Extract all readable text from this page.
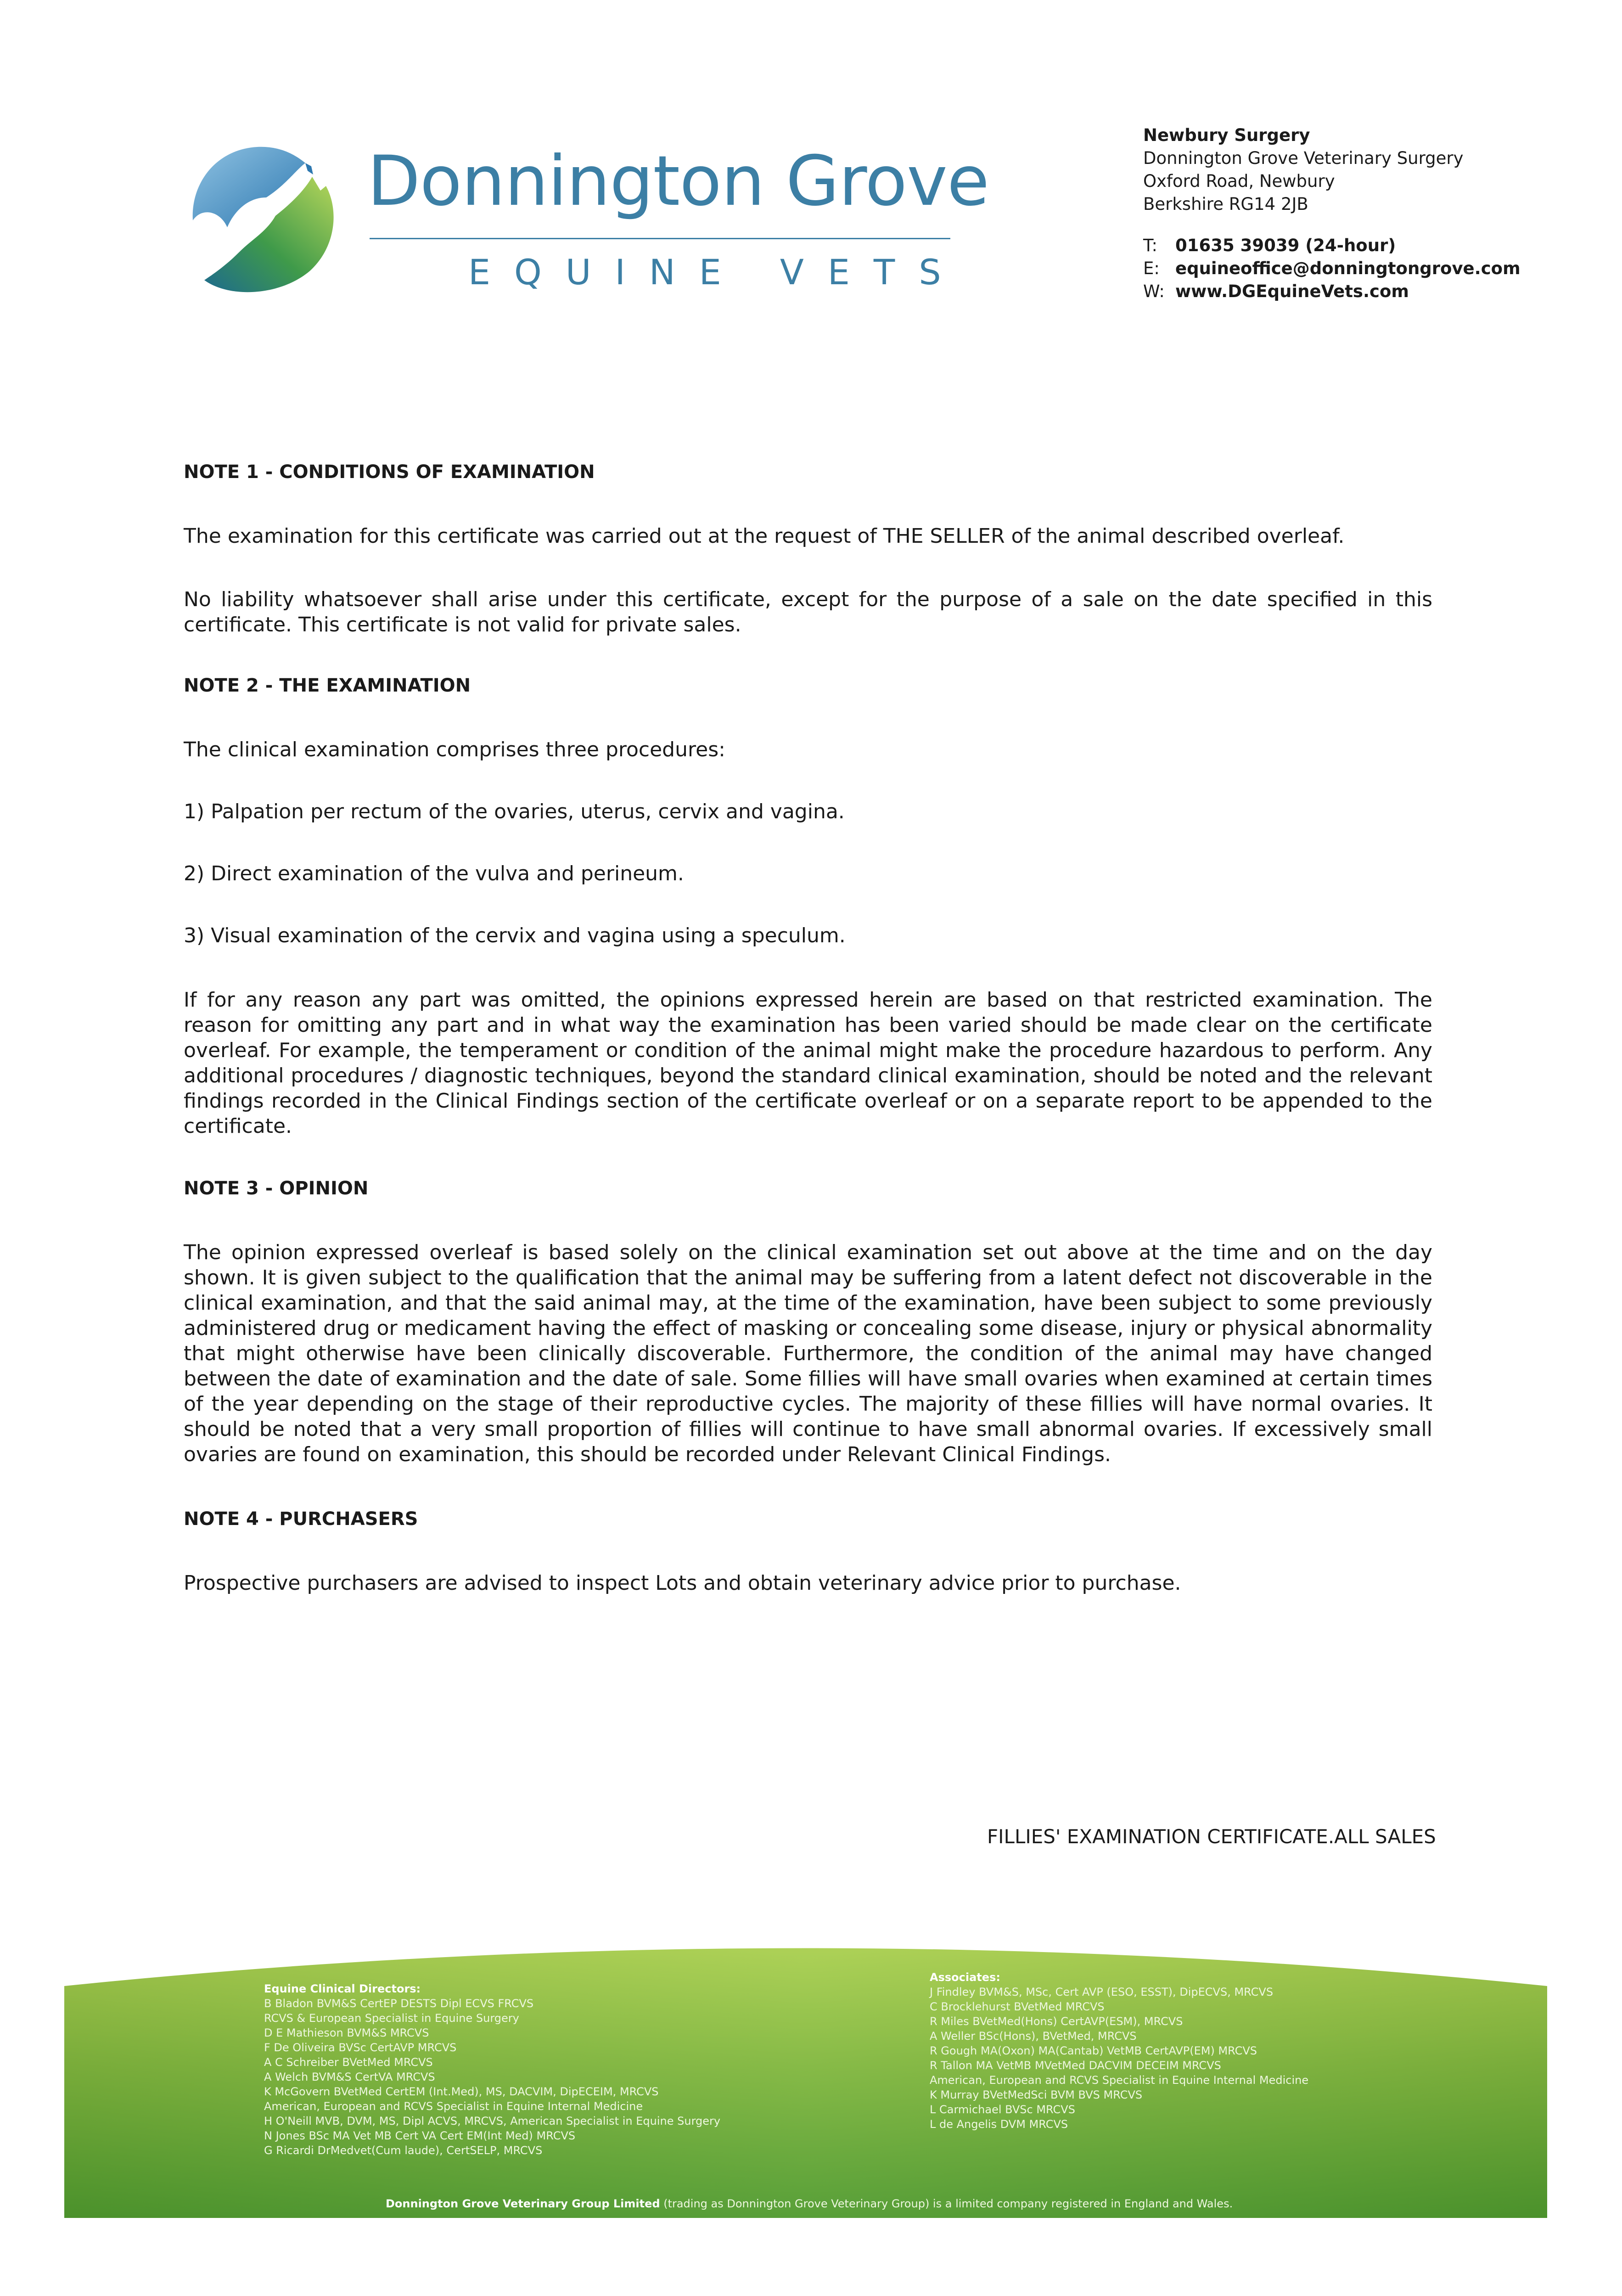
Donnington Grove
EQUINE VETS
Newbury Surgery
Donnington Grove Veterinary Surgery
Oxford Road, Newbury
Berkshire RG14 2JB
T: 01635 39039 (24-hour)
E: equineoffice@donningtongrove.com
W: www.DGEquineVets.com
NOTE 1 - CONDITIONS OF EXAMINATION
The examination for this certificate was carried out at the request of THE SELLER of the animal described overleaf.
No liability whatsoever shall arise under this certificate, except for the purpose of a sale on the date specified in this certificate. This certificate is not valid for private sales.
NOTE 2 - THE EXAMINATION
The clinical examination comprises three procedures:
1) Palpation per rectum of the ovaries, uterus, cervix and vagina.
2) Direct examination of the vulva and perineum.
3) Visual examination of the cervix and vagina using a speculum.
If for any reason any part was omitted, the opinions expressed herein are based on that restricted examination. The reason for omitting any part and in what way the examination has been varied should be made clear on the certificate overleaf. For example, the temperament or condition of the animal might make the procedure hazardous to perform. Any additional procedures / diagnostic techniques, beyond the standard clinical examination, should be noted and the relevant findings recorded in the Clinical Findings section of the certificate overleaf or on a separate report to be appended to the certificate.
NOTE 3 - OPINION
The opinion expressed overleaf is based solely on the clinical examination set out above at the time and on the day shown. It is given subject to the qualification that the animal may be suffering from a latent defect not discoverable in the clinical examination, and that the said animal may, at the time of the examination, have been subject to some previously administered drug or medicament having the effect of masking or concealing some disease, injury or physical abnormality that might otherwise have been clinically discoverable. Furthermore, the condition of the animal may have changed between the date of examination and the date of sale. Some fillies will have small ovaries when examined at certain times of the year depending on the stage of their reproductive cycles. The majority of these fillies will have normal ovaries. It should be noted that a very small proportion of fillies will continue to have small abnormal ovaries. If excessively small ovaries are found on examination, this should be recorded under Relevant Clinical Findings.
NOTE 4 - PURCHASERS
Prospective purchasers are advised to inspect Lots and obtain veterinary advice prior to purchase.
FILLIES' EXAMINATION CERTIFICATE.ALL SALES
Equine Clinical Directors:
B Bladon BVM&S CertEP DESTS Dipl ECVS FRCVS
RCVS & European Specialist in Equine Surgery
D E Mathieson BVM&S MRCVS
F De Oliveira BVSc CertAVP MRCVS
A C Schreiber BVetMed MRCVS
A Welch BVM&S CertVA MRCVS
K McGovern BVetMed CertEM (Int.Med), MS, DACVIM, DipECEIM, MRCVS
American, European and RCVS Specialist in Equine Internal Medicine
H O'Neill MVB, DVM, MS, Dipl ACVS, MRCVS, American Specialist in Equine Surgery
N Jones BSc MA Vet MB Cert VA Cert EM(Int Med) MRCVS
G Ricardi DrMedvet(Cum laude), CertSELP, MRCVS
Associates:
J Findley BVM&S, MSc, Cert AVP (ESO, ESST), DipECVS, MRCVS
C Brocklehurst BVetMed MRCVS
R Miles BVetMed(Hons) CertAVP(ESM), MRCVS
A Weller BSc(Hons), BVetMed, MRCVS
R Gough MA(Oxon) MA(Cantab) VetMB CertAVP(EM) MRCVS
R Tallon MA VetMB MVetMed DACVIM DECEIM MRCVS
American, European and RCVS Specialist in Equine Internal Medicine
K Murray BVetMedSci BVM BVS MRCVS
L Carmichael BVSc MRCVS
L de Angelis DVM MRCVS
Donnington Grove Veterinary Group Limited (trading as Donnington Grove Veterinary Group) is a limited company registered in England and Wales.
